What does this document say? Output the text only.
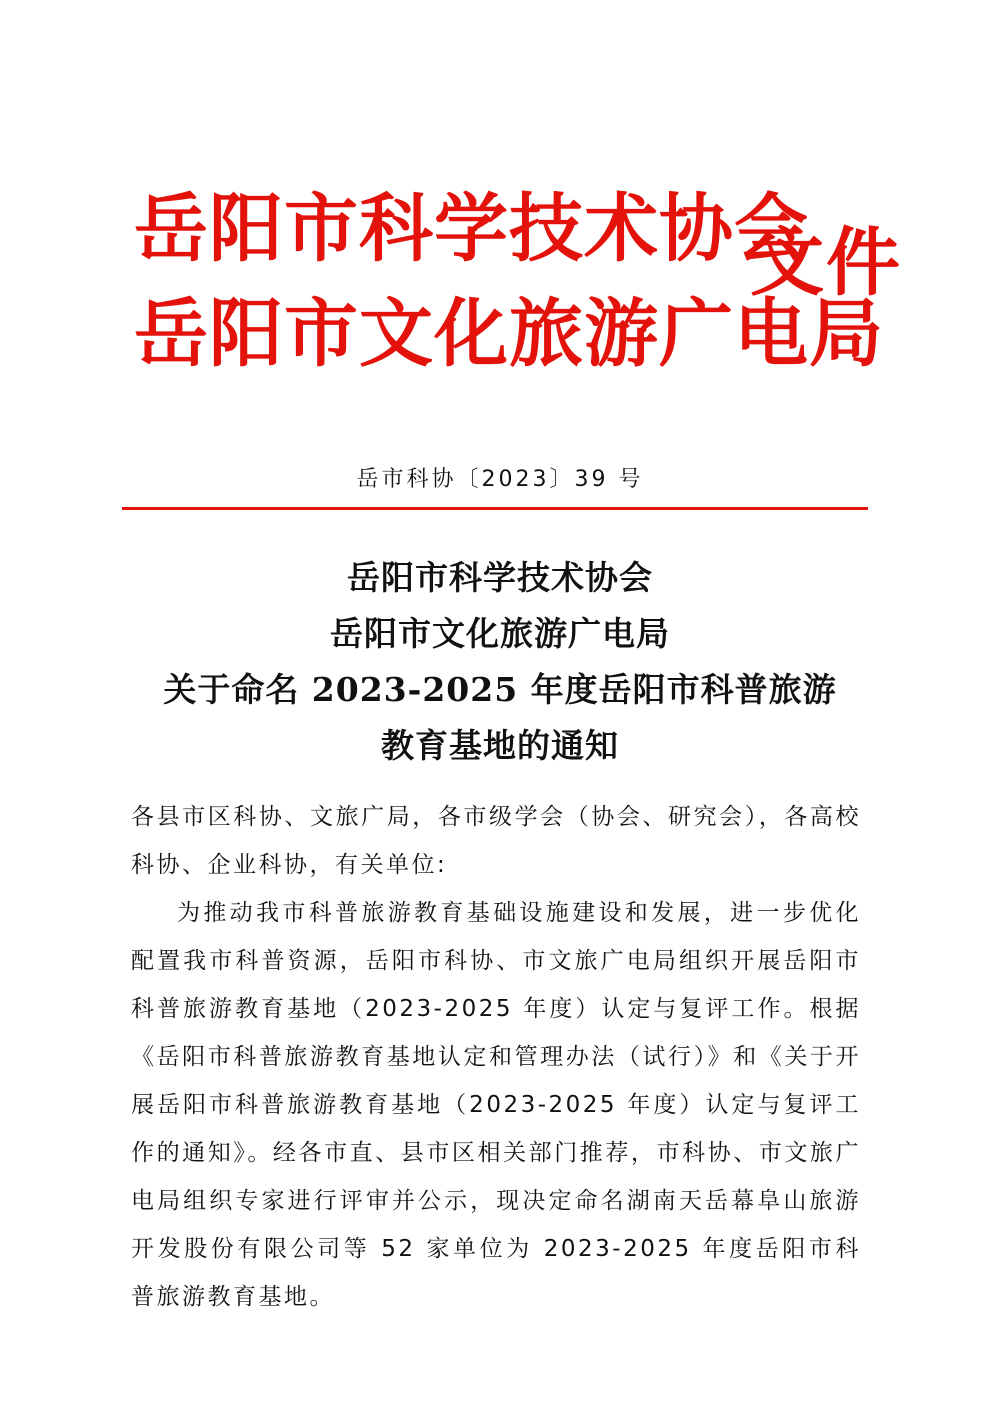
岳阳市科学技术协会
岳阳市文化旅游广电局
文件
岳市科协〔2023〕39 号
岳阳市科学技术协会
岳阳市文化旅游广电局
关于命名 2023-2025 年度岳阳市科普旅游
教育基地的通知

各县市区科协、文旅广局，各市级学会（协会、研究会），各高校科协、企业科协，有关单位:

为推动我市科普旅游教育基础设施建设和发展，进一步优化配置我市科普资源，岳阳市科协、市文旅广电局组织开展岳阳市科普旅游教育基地（2023-2025 年度）认定与复评工作。根据《岳阳市科普旅游教育基地认定和管理办法（试行）》和《关于开展岳阳市科普旅游教育基地（2023-2025 年度）认定与复评工作的通知》。经各市直、县市区相关部门推荐，市科协、市文旅广电局组织专家进行评审并公示，现决定命名湖南天岳幕阜山旅游开发股份有限公司等 52 家单位为 2023-2025 年度岳阳市科普旅游教育基地。
